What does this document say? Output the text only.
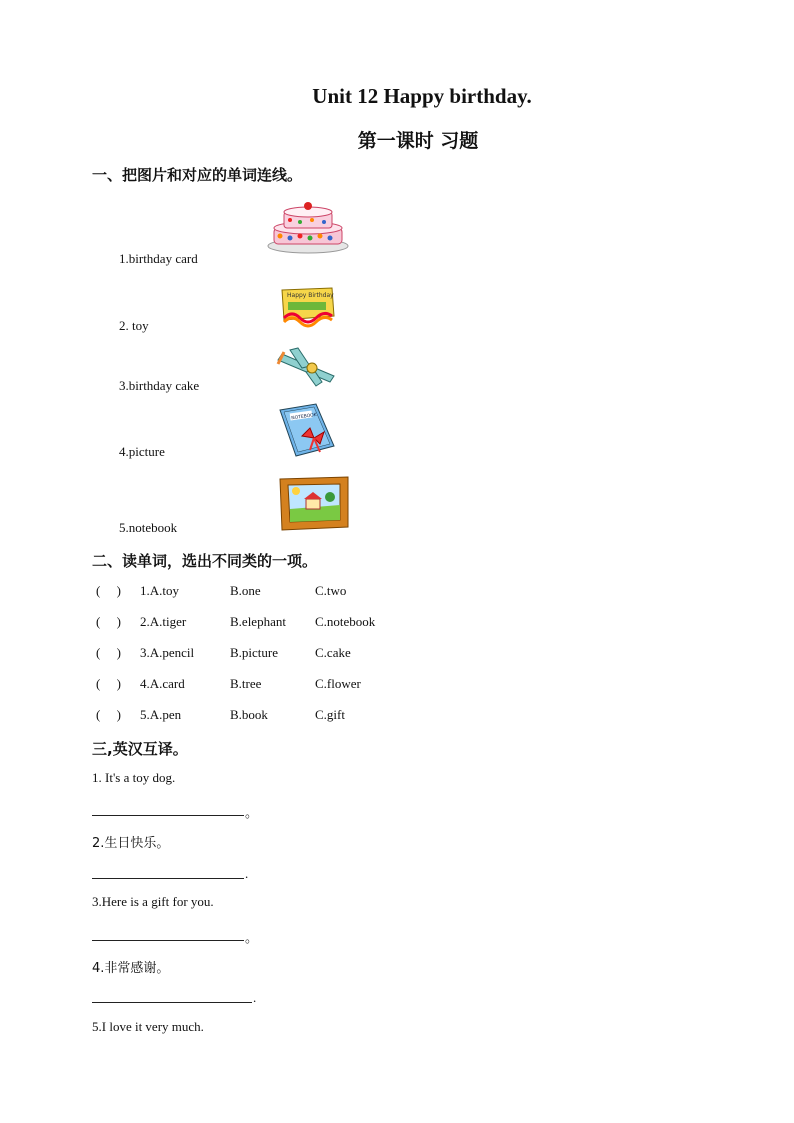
Unit 12 Happy birthday.
第一课时 习题
一、把图片和对应的单词连线。
1.birthday card
2. toy
3.birthday cake
4.picture
5.notebook
Happy Birthday
NOTEBOOK
二、读单词，选出不同类的一项。
(     ) 1.A.toy	B.one	C.two
(     ) 2.A.tiger	B.elephant C.notebook
(     ) 3.A.pencil	B.picture	C.cake
(     ) 4.A.card	B.tree	C.flower
(     ) 5.A.pen	B.book	C.gift
三,英汉互译。
1. It's a toy dog.
。
2.生日快乐。
.
3.Here is a gift for you.
。
4.非常感谢。
.
5.I love it very much.
